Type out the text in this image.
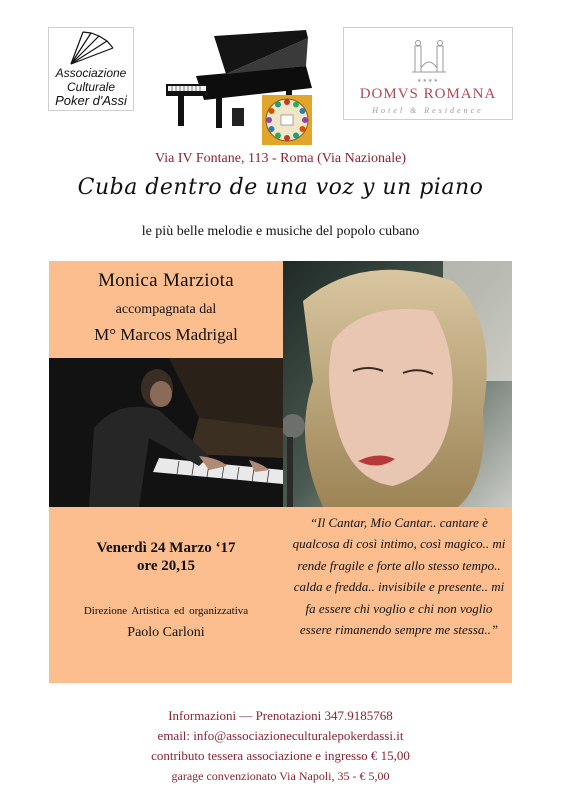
Associazione
Culturale
Poker d'Assi
★★★★
DOMVS ROMANA
Hotel & Residence
Via IV Fontane, 113 - Roma (Via Nazionale)
Cuba dentro de una voz y un piano
le più belle melodie e musiche del popolo cubano
Monica Marziota
accompagnata dal
M° Marcos Madrigal
Venerdì 24 Marzo ‘17
ore 20,15
Direzione Artistica ed organizzativa
Paolo Carloni
“Il Cantar, Mio Cantar.. cantare è qualcosa di così intimo, così magico.. mi rende fragile e forte allo stesso tempo.. calda e fredda.. invisibile e presente.. mi fa essere chi voglio e chi non voglio essere rimanendo sempre me stessa..”
Informazioni — Prenotazioni 347.9185768
email: info@associazioneculturalepokerdassi.it
contributo tessera associazione e ingresso € 15,00
garage convenzionato Via Napoli, 35 - € 5,00
